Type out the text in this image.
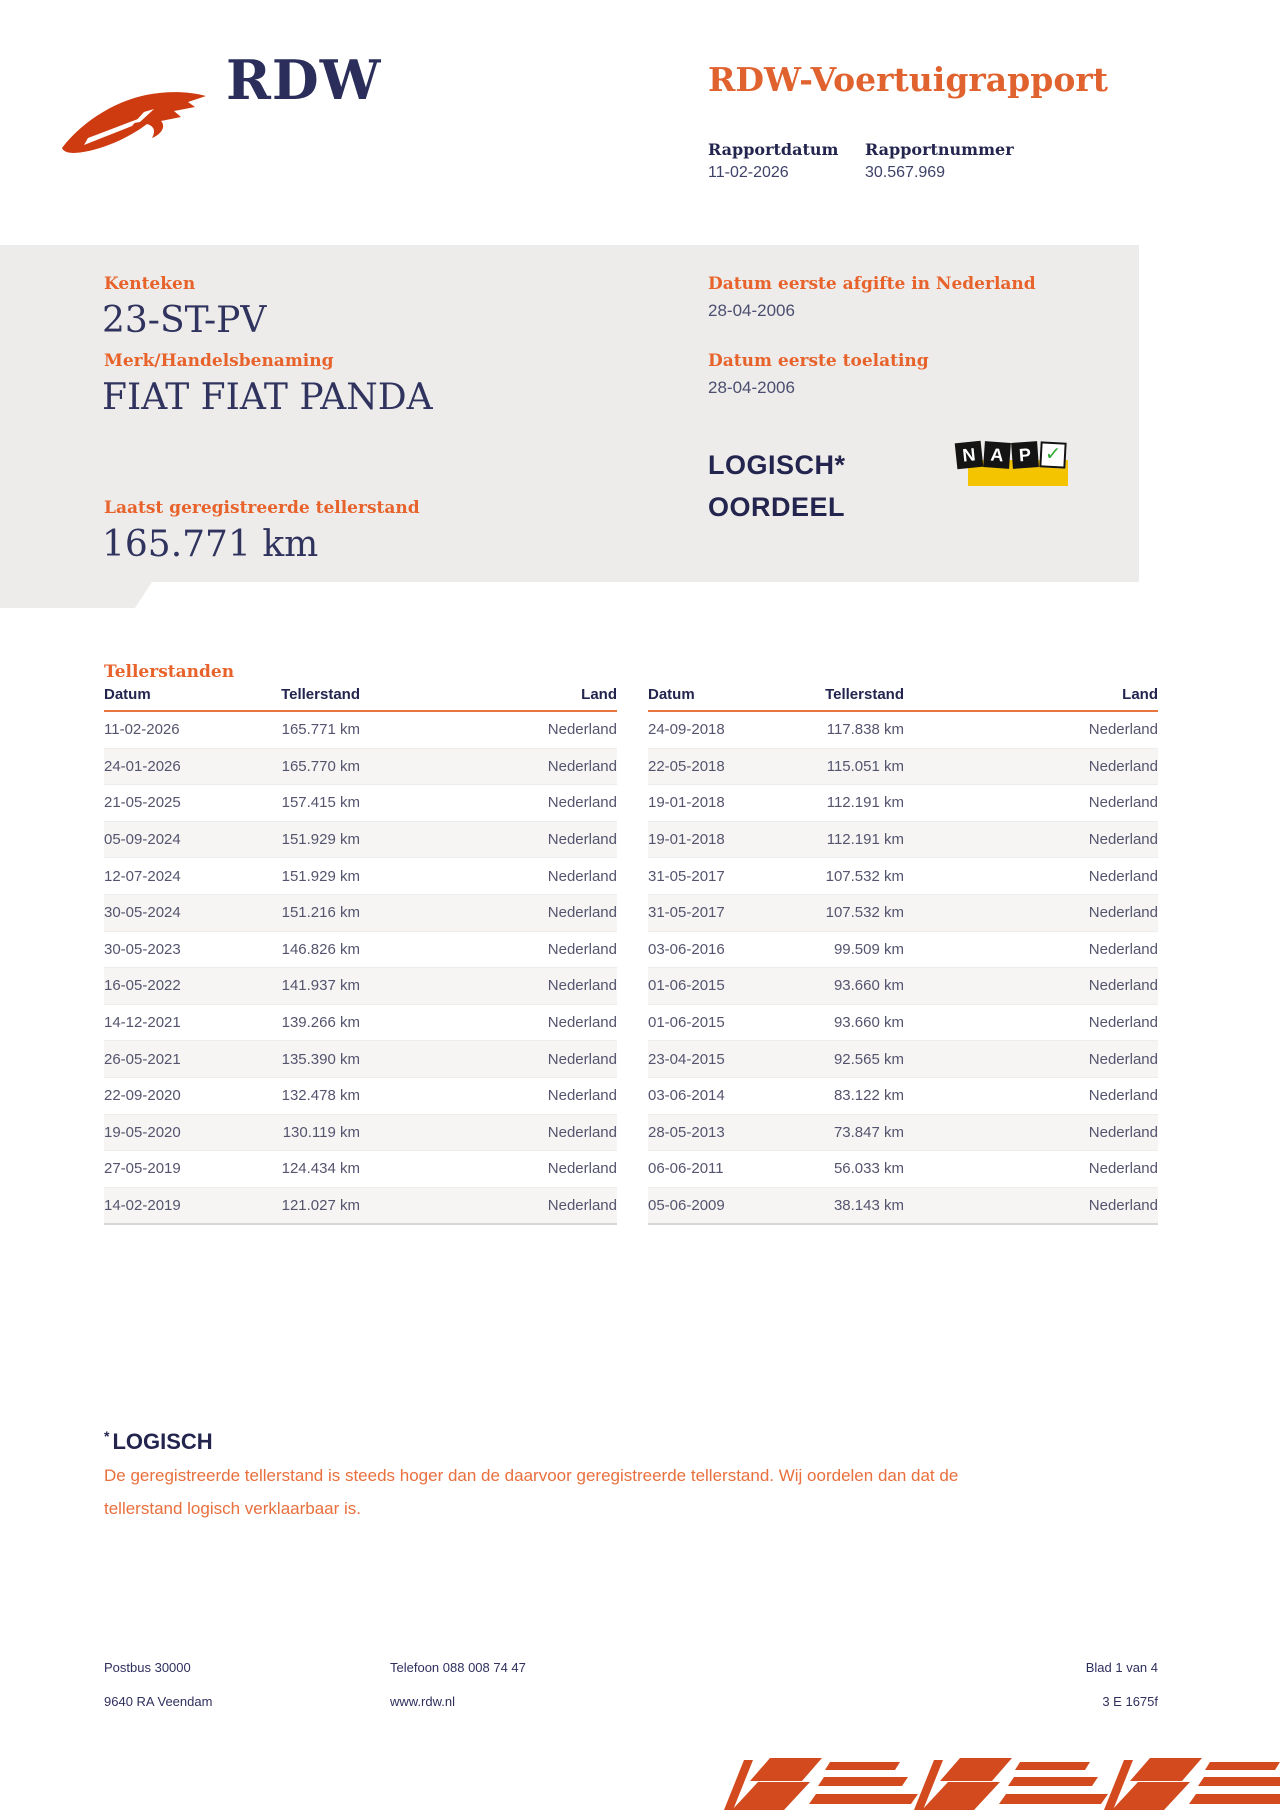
RDW	RDW-Voertuigrapport
Rapportdatum Rapportnummer
11-02-2026	30.567.969
Kenteken
23-ST-PV
Merk/Handelsbenaming
FIAT FIAT PANDA
Laatst geregistreerde tellerstand
165.771 km
Datum eerste afgifte in Nederland
28-04-2006
Datum eerste toelating
28-04-2006
LOGISCH*
OORDEEL
N A P ✓
Tellerstanden
Datum	Tellerstand	Land
11-02-2026	165.771 km	Nederland
24-01-2026	165.770 km	Nederland
21-05-2025	157.415 km	Nederland
05-09-2024	151.929 km	Nederland
12-07-2024	151.929 km	Nederland
30-05-2024	151.216 km	Nederland
30-05-2023	146.826 km	Nederland
16-05-2022	141.937 km	Nederland
14-12-2021	139.266 km	Nederland
26-05-2021	135.390 km	Nederland
22-09-2020	132.478 km	Nederland
19-05-2020	130.119 km	Nederland
27-05-2019	124.434 km	Nederland
14-02-2019	121.027 km	Nederland
Datum	Tellerstand	Land
24-09-2018	117.838 km	Nederland
22-05-2018	115.051 km	Nederland
19-01-2018	112.191 km	Nederland
19-01-2018	112.191 km	Nederland
31-05-2017	107.532 km	Nederland
31-05-2017	107.532 km	Nederland
03-06-2016	99.509 km	Nederland
01-06-2015	93.660 km	Nederland
01-06-2015	93.660 km	Nederland
23-04-2015	92.565 km	Nederland
03-06-2014	83.122 km	Nederland
28-05-2013	73.847 km	Nederland
06-06-2011	56.033 km	Nederland
05-06-2009	38.143 km	Nederland
* LOGISCH
De geregistreerde tellerstand is steeds hoger dan de daarvoor geregistreerde tellerstand. Wij oordelen dan dat de
tellerstand logisch verklaarbaar is.
Postbus 30000	Telefoon 088 008 74 47	Blad 1 van 4
9640 RA Veendam	www.rdw.nl	3 E 1675f
